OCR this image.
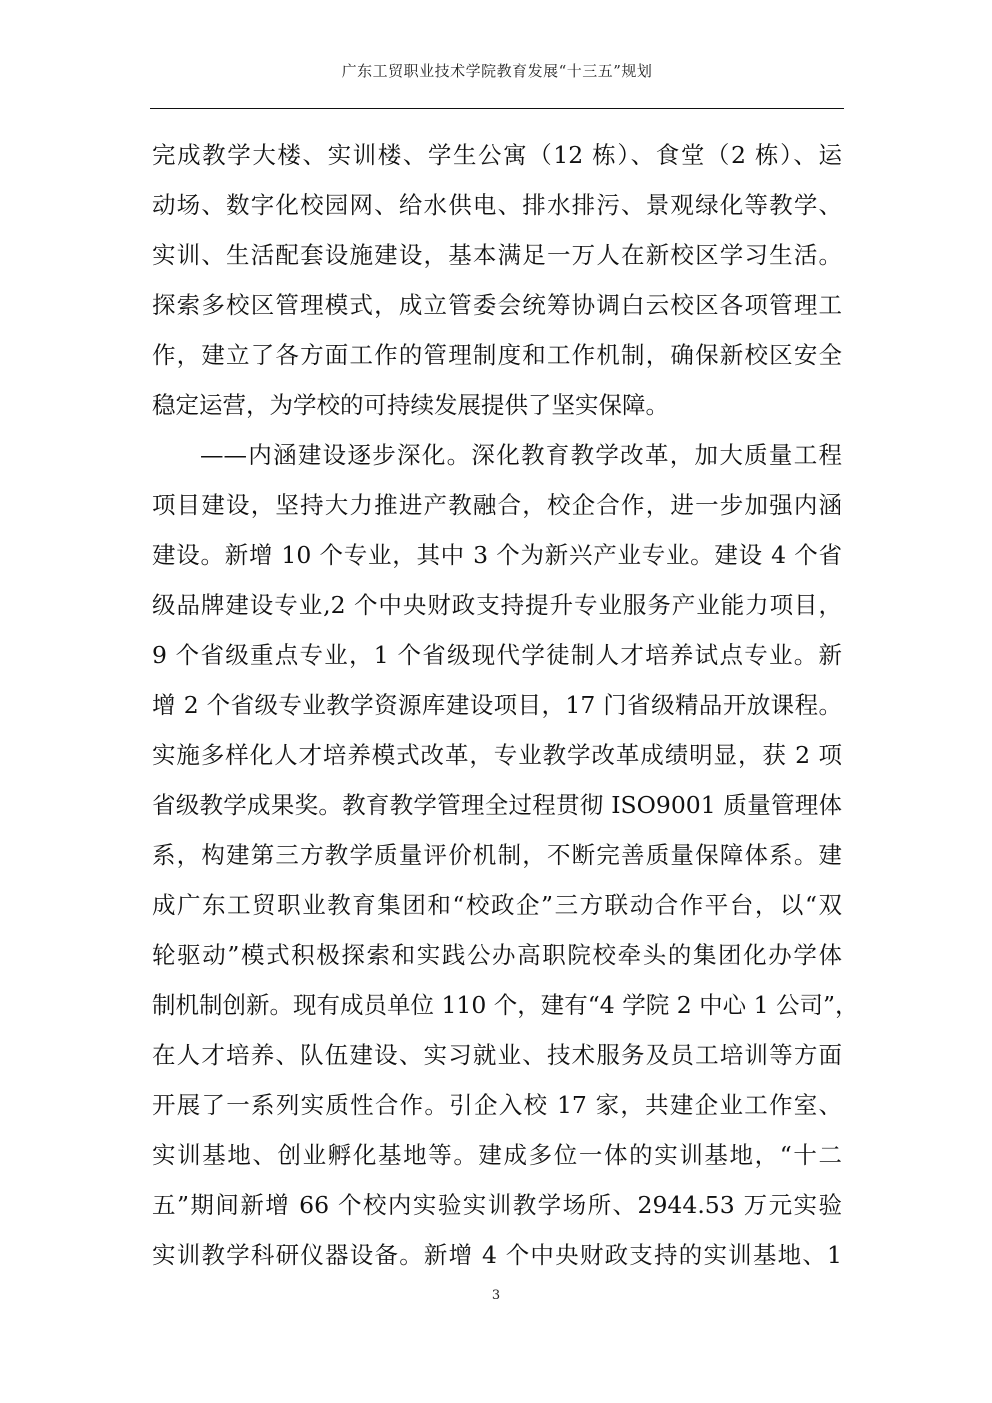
广东工贸职业技术学院教育发展“十三五”规划
完成教学大楼、实训楼、学生公寓（12 栋）、食堂（2 栋）、运
动场、数字化校园网、给水供电、排水排污、景观绿化等教学、
实训、生活配套设施建设，基本满足一万人在新校区学习生活。
探索多校区管理模式，成立管委会统筹协调白云校区各项管理工
作，建立了各方面工作的管理制度和工作机制，确保新校区安全
稳定运营，为学校的可持续发展提供了坚实保障。
——内涵建设逐步深化。深化教育教学改革，加大质量工程
项目建设，坚持大力推进产教融合，校企合作，进一步加强内涵
建设。新增 10 个专业，其中 3 个为新兴产业专业。建设 4 个省
级品牌建设专业,2 个中央财政支持提升专业服务产业能力项目，
9 个省级重点专业，1 个省级现代学徒制人才培养试点专业。新
增 2 个省级专业教学资源库建设项目，17 门省级精品开放课程。
实施多样化人才培养模式改革，专业教学改革成绩明显，获 2 项
省级教学成果奖。教育教学管理全过程贯彻 ISO9001 质量管理体
系，构建第三方教学质量评价机制，不断完善质量保障体系。建
成广东工贸职业教育集团和“校政企”三方联动合作平台，以“双
轮驱动”模式积极探索和实践公办高职院校牵头的集团化办学体
制机制创新。现有成员单位 110 个，建有“4 学院 2 中心 1 公司”，
在人才培养、队伍建设、实习就业、技术服务及员工培训等方面
开展了一系列实质性合作。引企入校 17 家，共建企业工作室、
实训基地、创业孵化基地等。建成多位一体的实训基地，“十二
五”期间新增 66 个校内实验实训教学场所、2944.53 万元实验
实训教学科研仪器设备。新增 4 个中央财政支持的实训基地、1
3
